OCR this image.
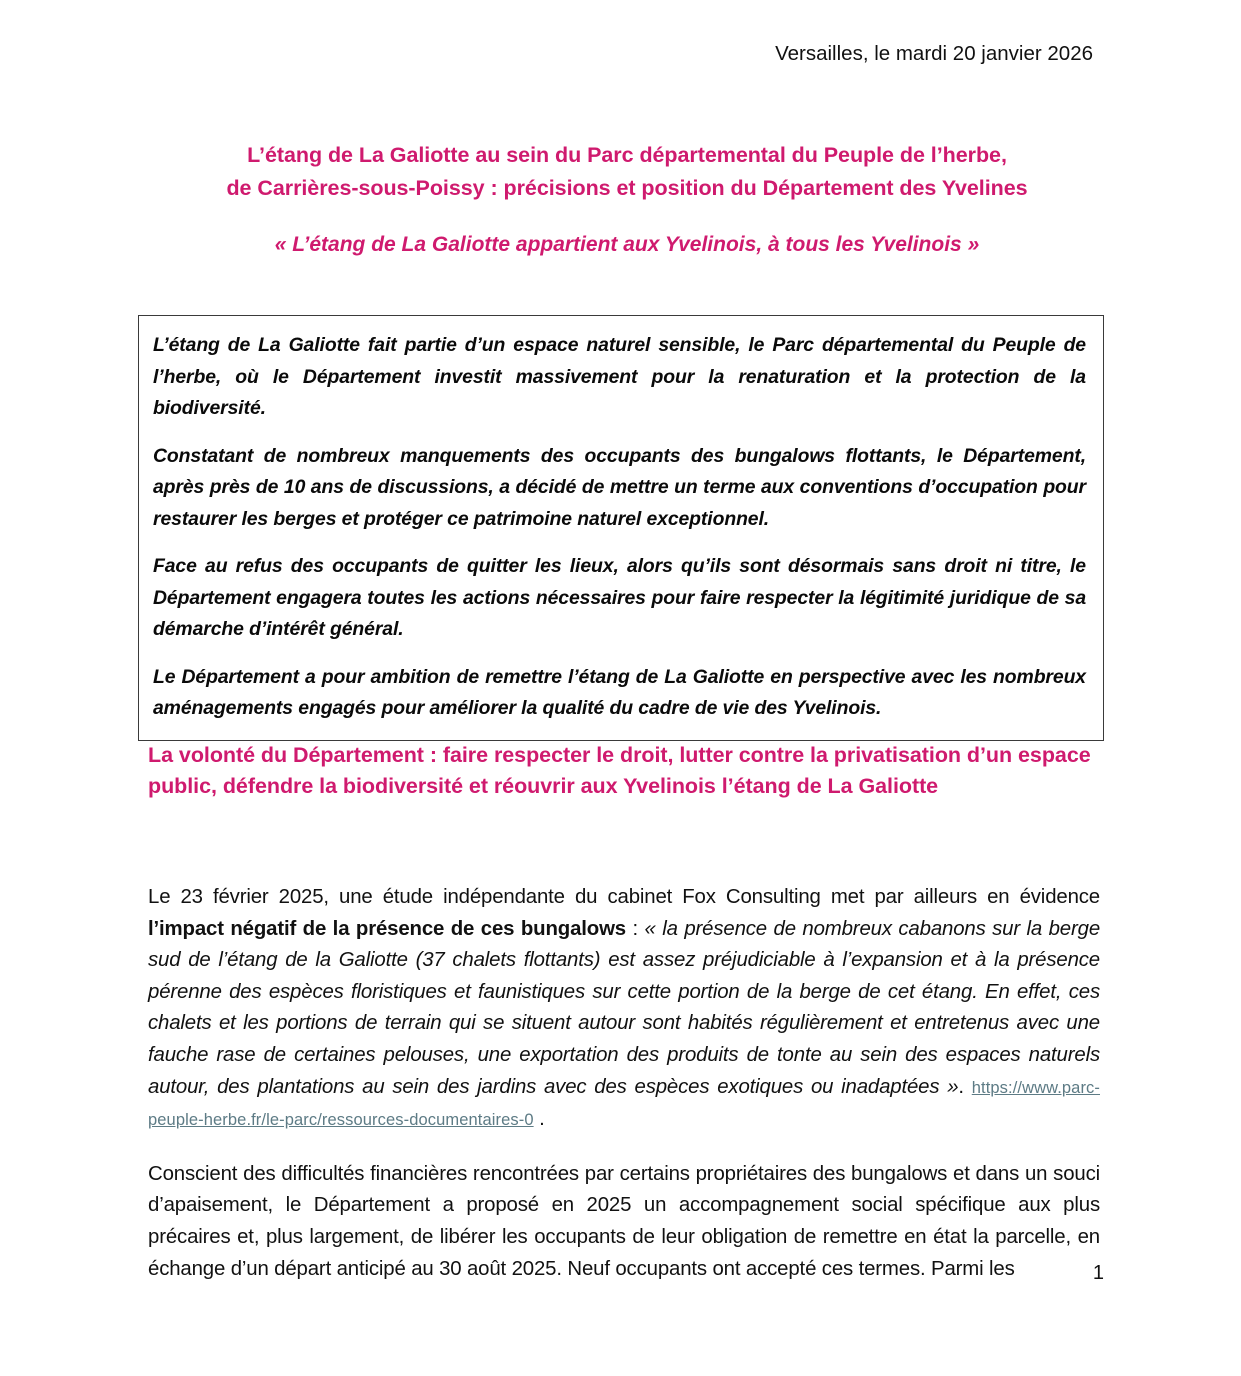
Versailles, le mardi 20 janvier 2026
L’étang de La Galiotte au sein du Parc départemental du Peuple de l’herbe,
de Carrières-sous-Poissy : précisions et position du Département des Yvelines
« L’étang de La Galiotte appartient aux Yvelinois, à tous les Yvelinois »

L’étang de La Galiotte fait partie d’un espace naturel sensible, le Parc départemental du Peuple de l’herbe, où le Département investit massivement pour la renaturation et la protection de la biodiversité.

Constatant de nombreux manquements des occupants des bungalows flottants, le Département, après près de 10 ans de discussions, a décidé de mettre un terme aux conventions d’occupation pour restaurer les berges et protéger ce patrimoine naturel exceptionnel.

Face au refus des occupants de quitter les lieux, alors qu’ils sont désormais sans droit ni titre, le Département engagera toutes les actions nécessaires pour faire respecter la légitimité juridique de sa démarche d’intérêt général.

Le Département a pour ambition de remettre l’étang de La Galiotte en perspective avec les nombreux aménagements engagés pour améliorer la qualité du cadre de vie des Yvelinois.

La volonté du Département : faire respecter le droit, lutter contre la privatisation d’un espace public, défendre la biodiversité et réouvrir aux Yvelinois l’étang de La Galiotte

Le 23 février 2025, une étude indépendante du cabinet Fox Consulting met par ailleurs en évidence l’impact négatif de la présence de ces bungalows : « la présence de nombreux cabanons sur la berge sud de l’étang de la Galiotte (37 chalets flottants) est assez préjudiciable à l’expansion et à la présence pérenne des espèces floristiques et faunistiques sur cette portion de la berge de cet étang. En effet, ces chalets et les portions de terrain qui se situent autour sont habités régulièrement et entretenus avec une fauche rase de certaines pelouses, une exportation des produits de tonte au sein des espaces naturels autour, des plantations au sein des jardins avec des espèces exotiques ou inadaptées ». https://www.parc-peuple-herbe.fr/le-parc/ressources-documentaires-0 .

Conscient des difficultés financières rencontrées par certains propriétaires des bungalows et dans un souci d’apaisement, le Département a proposé en 2025 un accompagnement social spécifique aux plus précaires et, plus largement, de libérer les occupants de leur obligation de remettre en état la parcelle, en échange d’un départ anticipé au 30 août 2025. Neuf occupants ont accepté ces termes. Parmi les	1
